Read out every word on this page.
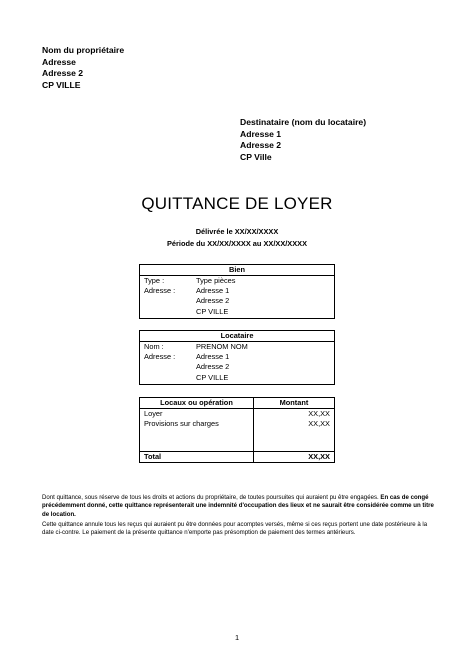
Nom du propriétaire
Adresse
Adresse 2
CP VILLE
Destinataire (nom du locataire)
Adresse 1
Adresse 2
CP Ville
QUITTANCE DE LOYER
Délivrée le XX/XX/XXXX
Période du XX/XX/XXXX au XX/XX/XXXX
Bien	
Type :	Type pièces
Adresse :	Adresse 1
	Adresse 2
	CP VILLE
Locataire	
Nom :	PRENOM NOM
Adresse :	Adresse 1
	Adresse 2
	CP VILLE
Locaux ou opération	Montant
Loyer	XX,XX
Provisions sur charges	XX,XX

Total	XX,XX

Dont quittance, sous réserve de tous les droits et actions du propriétaire, de toutes poursuites qui auraient pu être engagées. En cas de congé précédemment donné, cette quittance représenterait une indemnité d'occupation des lieux et ne saurait être considérée comme un titre de location.

Cette quittance annule tous les reçus qui auraient pu être données pour acomptes versés, même si ces reçus portent une date postérieure à la date ci-contre. Le paiement de la présente quittance n'emporte pas présomption de paiement des termes antérieurs.

1
